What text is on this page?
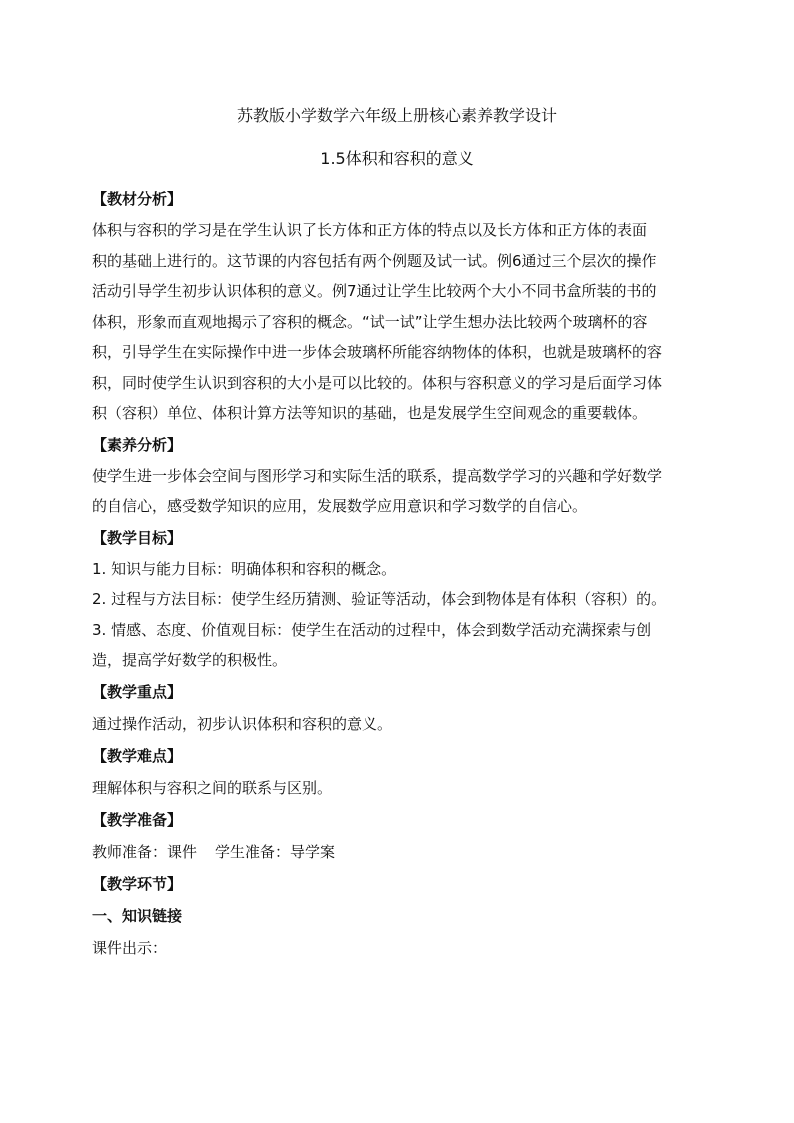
苏教版小学数学六年级上册核心素养教学设计
1.5体积和容积的意义
【教材分析】
体积与容积的学习是在学生认识了长方体和正方体的特点以及长方体和正方体的表面
积的基础上进行的。这节课的内容包括有两个例题及试一试。例6通过三个层次的操作
活动引导学生初步认识体积的意义。例7通过让学生比较两个大小不同书盒所装的书的
体积，形象而直观地揭示了容积的概念。“试一试”让学生想办法比较两个玻璃杯的容
积，引导学生在实际操作中进一步体会玻璃杯所能容纳物体的体积，也就是玻璃杯的容
积，同时使学生认识到容积的大小是可以比较的。体积与容积意义的学习是后面学习体
积（容积）单位、体积计算方法等知识的基础，也是发展学生空间观念的重要载体。
【素养分析】
使学生进一步体会空间与图形学习和实际生活的联系，提高数学学习的兴趣和学好数学
的自信心，感受数学知识的应用，发展数学应用意识和学习数学的自信心。
【教学目标】
1. 知识与能力目标：明确体积和容积的概念。
2. 过程与方法目标：使学生经历猜测、验证等活动，体会到物体是有体积（容积）的。
3. 情感、态度、价值观目标：使学生在活动的过程中，体会到数学活动充满探索与创
造，提高学好数学的积极性。
【教学重点】
通过操作活动，初步认识体积和容积的意义。
【教学难点】
理解体积与容积之间的联系与区别。
【教学准备】
教师准备：课件 学生准备：导学案
【教学环节】
一、知识链接
课件出示：
